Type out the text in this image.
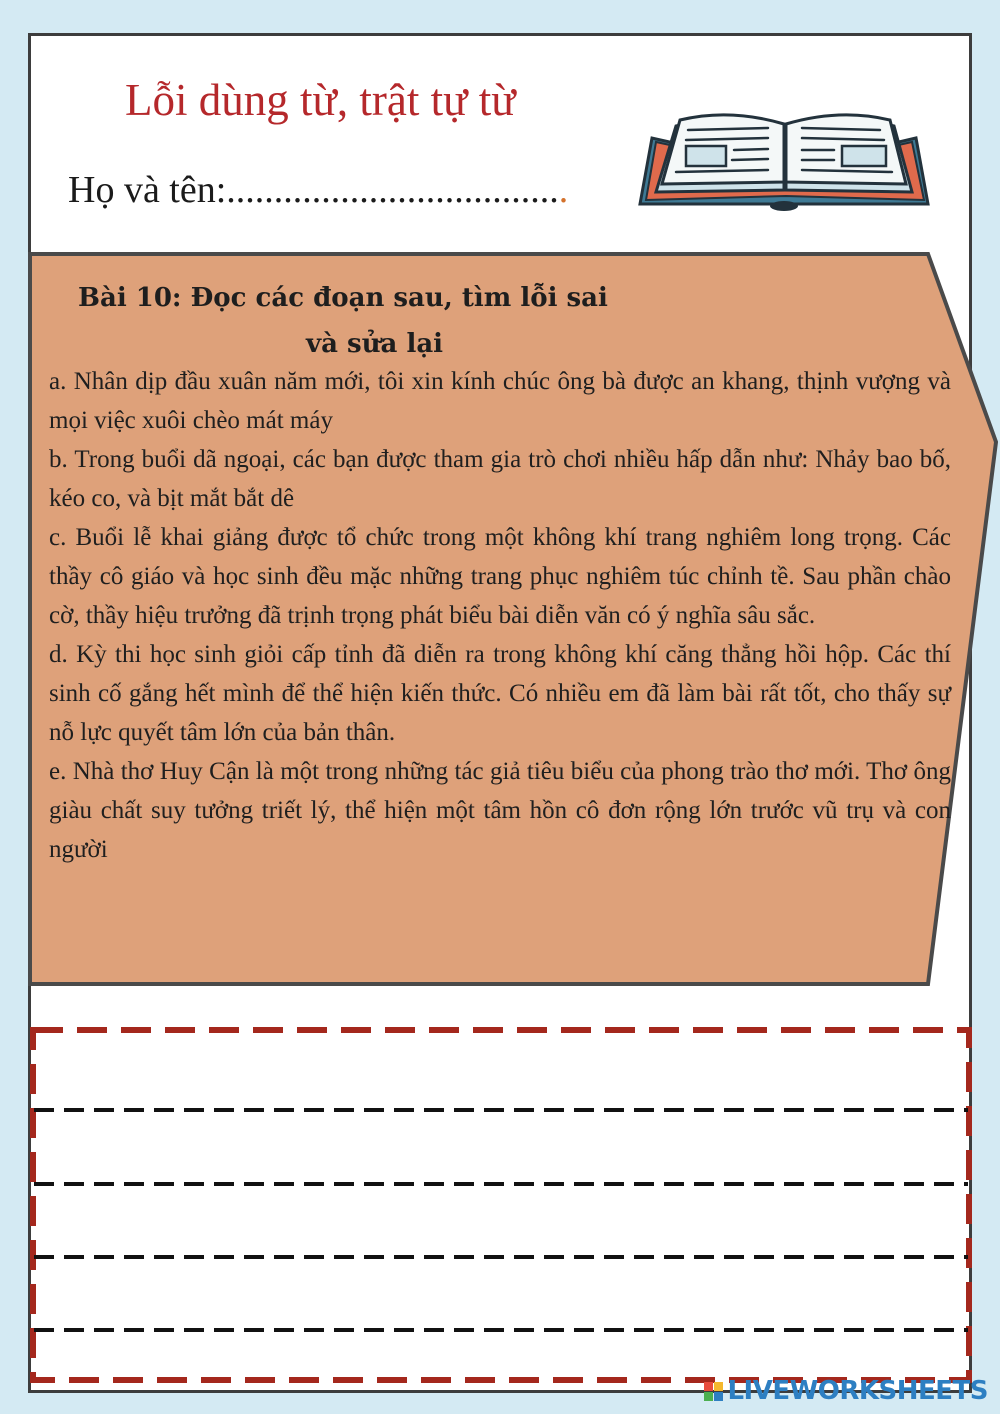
Lỗi dùng từ, trật tự từ
Họ và tên:....................................
Bài 10: Đọc các đoạn sau, tìm lỗi sai
và sửa lại

a. Nhân dịp đầu xuân năm mới, tôi xin kính chúc ông bà được an khang, thịnh vượng và mọi việc xuôi chèo mát máy

b. Trong buổi dã ngoại, các bạn được tham gia trò chơi nhiều hấp dẫn như: Nhảy bao bố, kéo co, và bịt mắt bắt dê

c. Buổi lễ khai giảng được tổ chức trong một không khí trang nghiêm long trọng. Các thầy cô giáo và học sinh đều mặc những trang phục nghiêm túc chỉnh tề. Sau phần chào cờ, thầy hiệu trưởng đã trịnh trọng phát biểu bài diễn văn có ý nghĩa sâu sắc.

d. Kỳ thi học sinh giỏi cấp tỉnh đã diễn ra trong không khí căng thẳng hồi hộp. Các thí sinh cố gắng hết mình để thể hiện kiến thức. Có nhiều em đã làm bài rất tốt, cho thấy sự nỗ lực quyết tâm lớn của bản thân.

e. Nhà thơ Huy Cận là một trong những tác giả tiêu biểu của phong trào thơ mới. Thơ ông giàu chất suy tưởng triết lý, thể hiện một tâm hồn cô đơn rộng lớn trước vũ trụ và con người

LIVEWORKSHEETS
